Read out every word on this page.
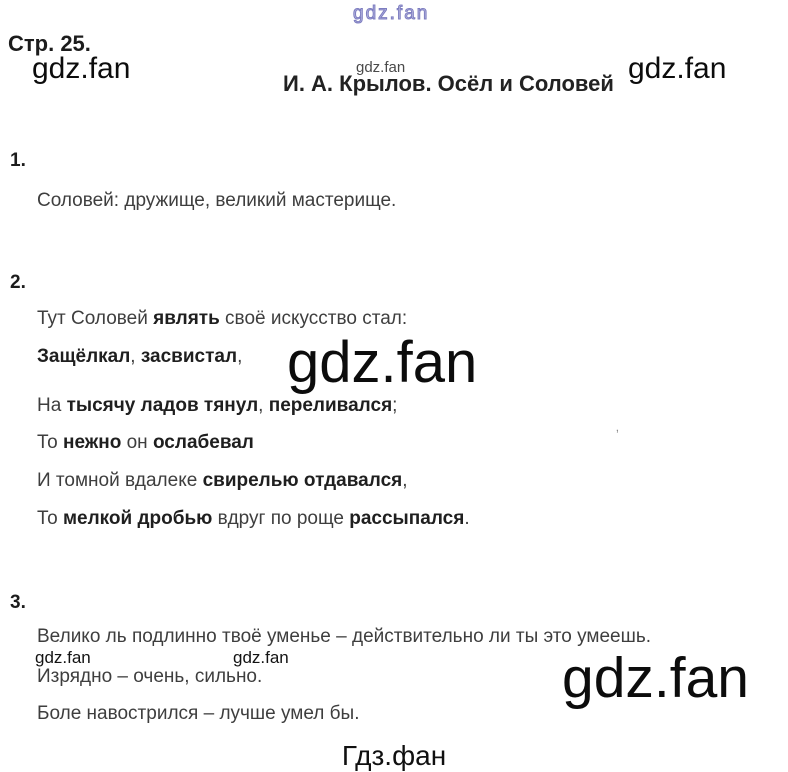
gdz.fan
Стр. 25.
gdz.fan	gdz.fan
И. А. Крылов. Осёл и Соловей gdz.fan
1.
Соловей: дружище, великий мастерище.
2.
Тут Соловей являть своё искусство стал:
Защёлкал, засвистал, gdz.fan
На тысячу ладов тянул, переливался;
То нежно он ослабевал
И томной вдалеке свирелью отдавался,
То мелкой дробью вдруг по роще рассыпался.
ʼ
3.
Велико ль подлинно твоё уменье – действительно ли ты это умеешь.
gdz.fan	gdz.fan	gdz.fan
Изрядно – очень, сильно.
Боле навострился – лучше умел бы.
Гдз.фан
